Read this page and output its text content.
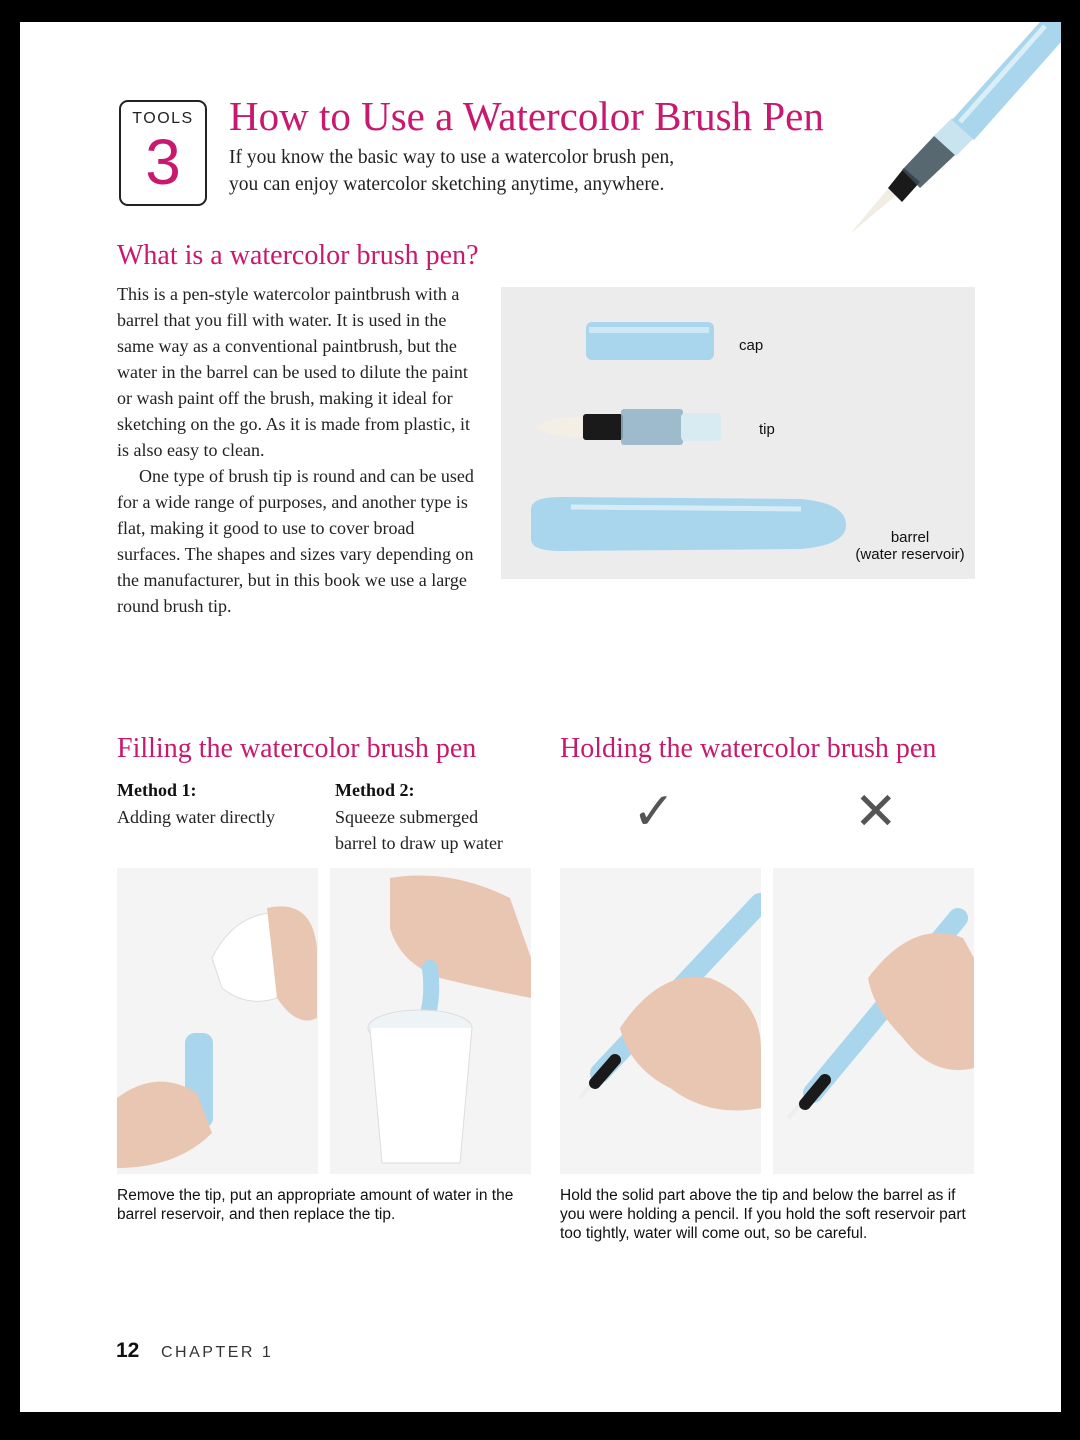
TOOLS
3
How to Use a Watercolor Brush Pen
If you know the basic way to use a watercolor brush pen,
you can enjoy watercolor sketching anytime, anywhere.
What is a watercolor brush pen?

This is a pen-style watercolor paintbrush with a barrel that you fill with water. It is used in the same way as a conventional paintbrush, but the water in the barrel can be used to dilute the paint or wash paint off the brush, making it ideal for sketching on the go. As it is made from plastic, it is also easy to clean.

One type of brush tip is round and can be used for a wide range of purposes, and another type is flat, making it good to use to cover broad surfaces. The shapes and sizes vary depending on the manufacturer, but in this book we use a large round brush tip.

cap
tip
barrel
(water reservoir)
Filling the watercolor brush pen
Method 1:
Adding water directly
Method 2:
Squeeze submerged
barrel to draw up water
Remove the tip, put an appropriate amount of water in the barrel reservoir, and then replace the tip.
Holding the watercolor brush pen
✓	✕
Hold the solid part above the tip and below the barrel as if you were holding a pencil. If you hold the soft reservoir part too tightly, water will come out, so be careful.
12 CHAPTER 1
